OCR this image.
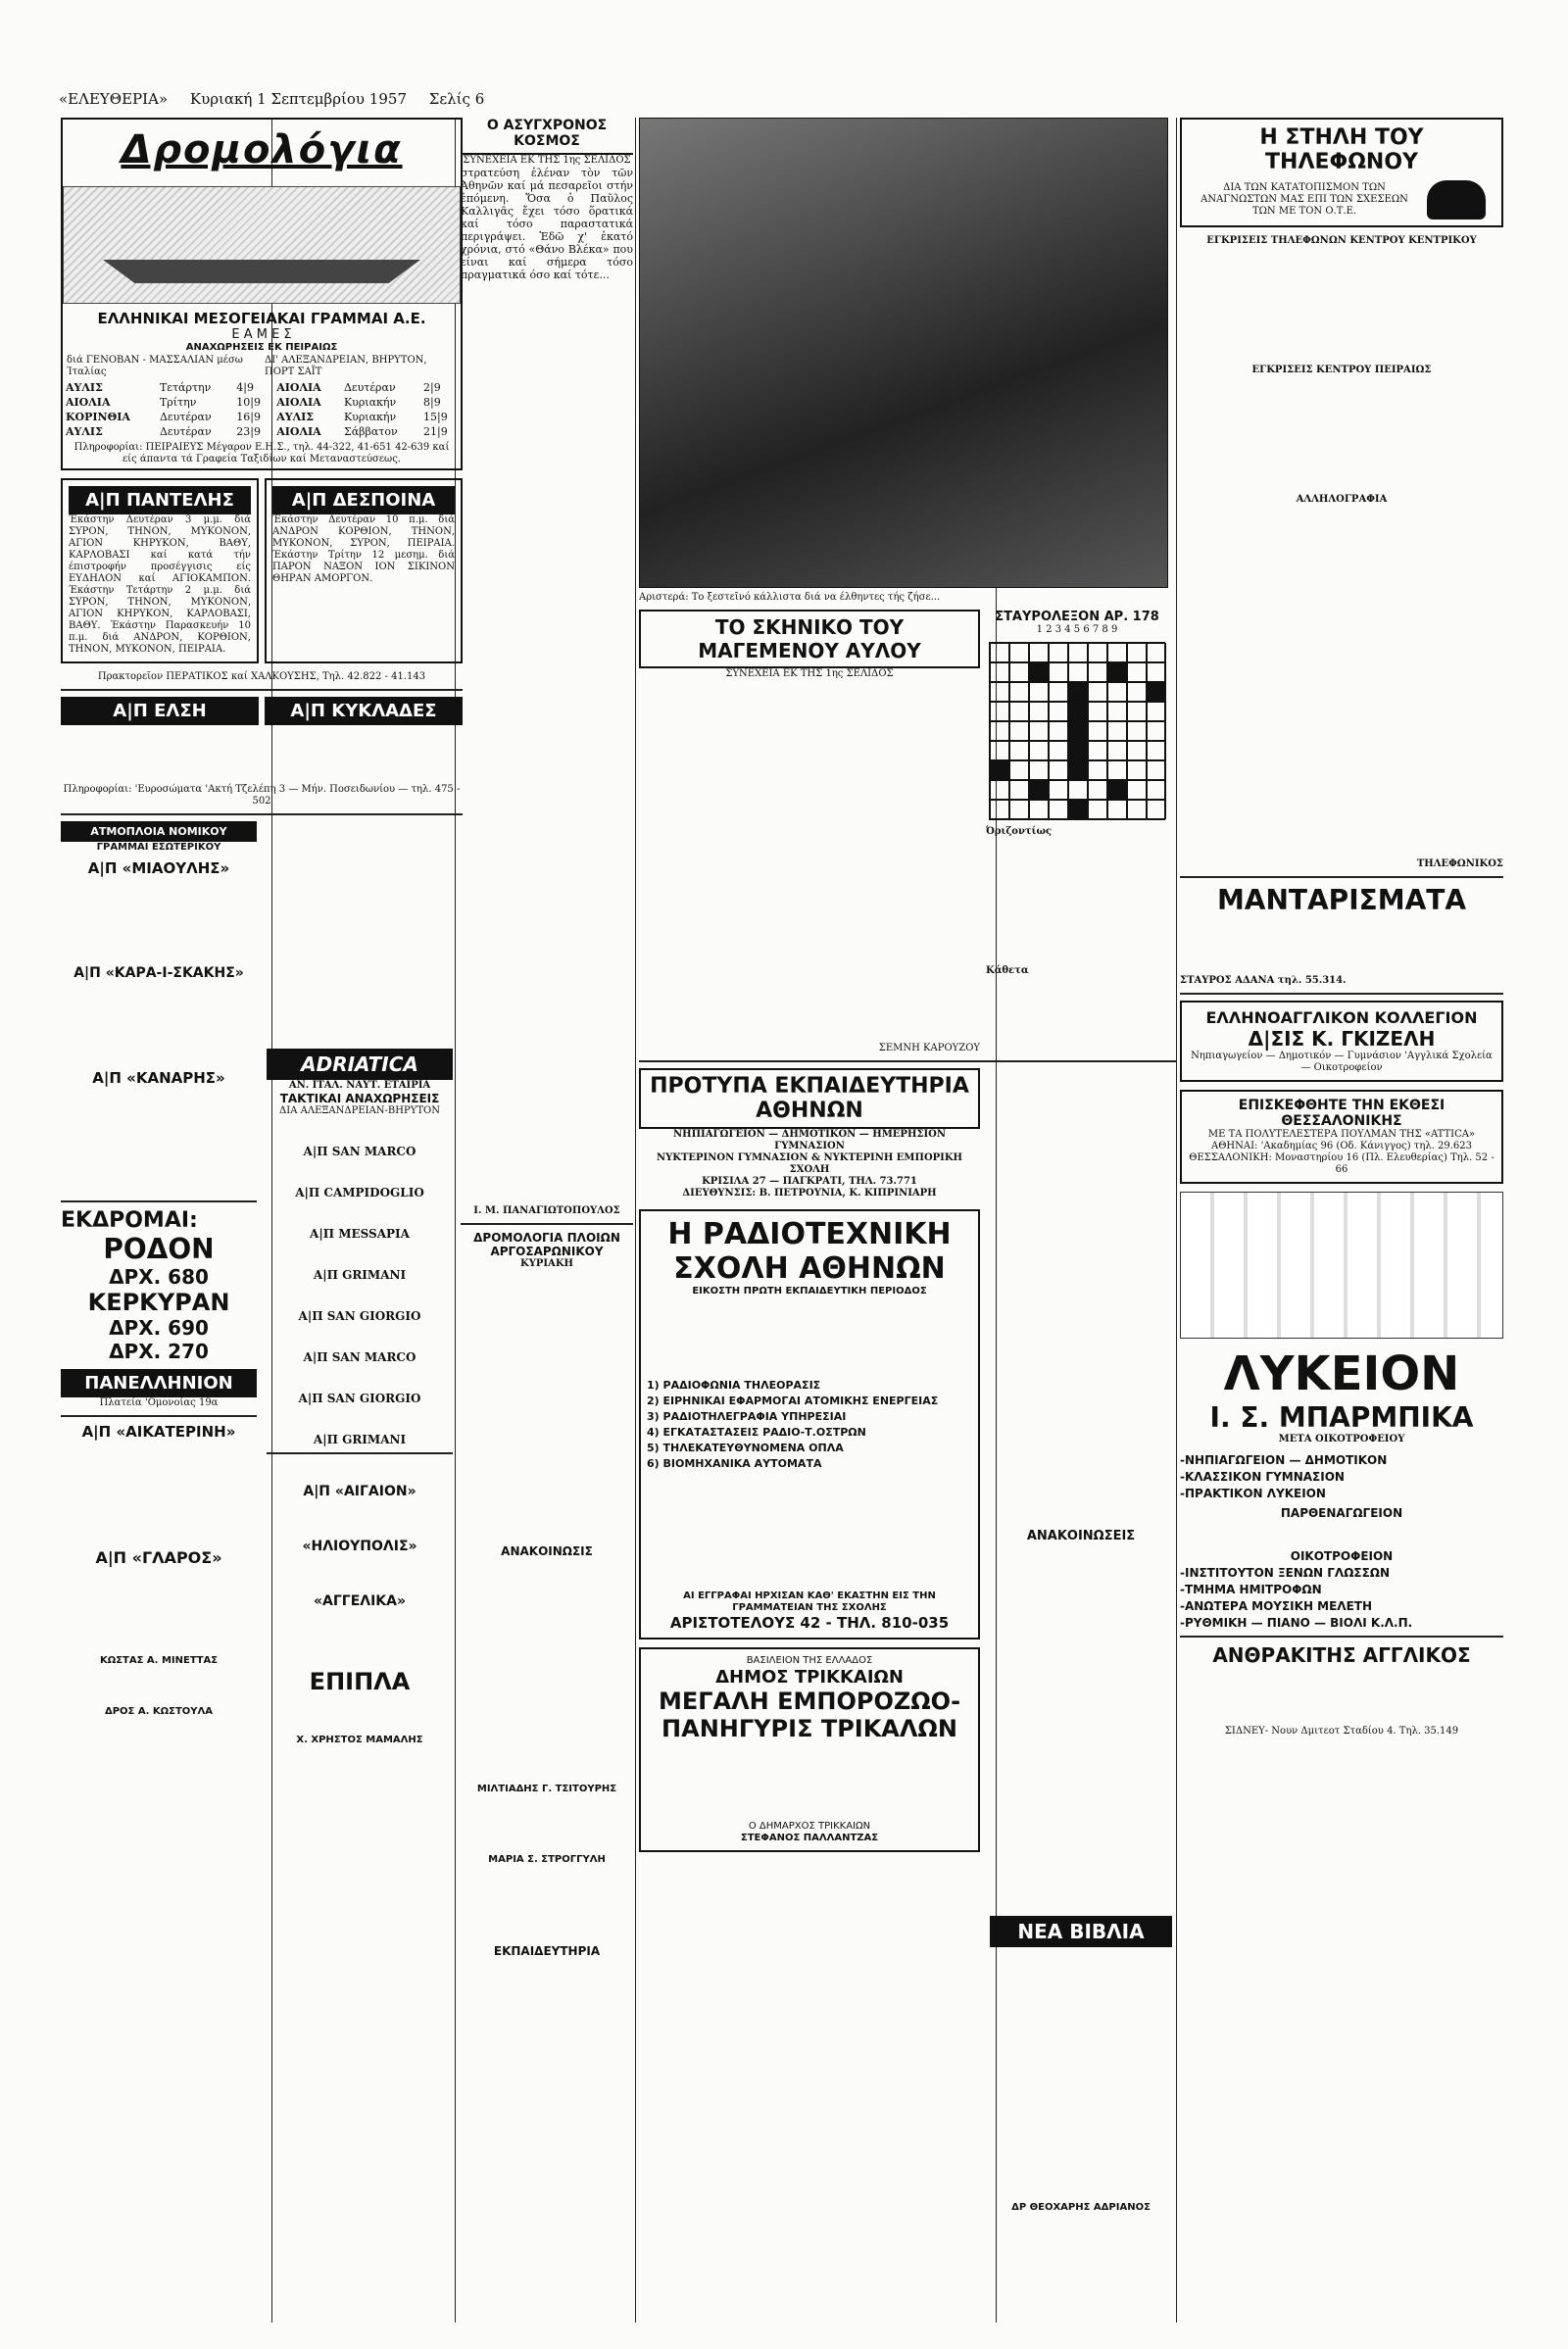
«ΕΛΕΥΘΕΡΙΑ» Κυριακή 1 Σεπτεμβρίου 1957 Σελίς 6
Δρομολόγια
ΕΛΛΗΝΙΚΑΙ ΜΕΣΟΓΕΙΑΚΑΙ ΓΡΑΜΜΑΙ Α.Ε.
Ε Α Μ Ε Σ
ΑΝΑΧΩΡΗΣΕΙΣ ΕΚ ΠΕΙΡΑΙΩΣ
διά ΓΕΝΟΒΑΝ - ΜΑΣΣΑΛΙΑΝ μέσω Ίταλίας
ΔΙ' ΑΛΕΞΑΝΔΡΕΙΑΝ, ΒΗΡΥΤΟΝ, ΠΟΡΤ ΣΑΪΤ
ΑΥΛΙΣ	Τετάρτην	4|9	ΑΙΟΛΙΑ	Δευτέραν	2|9
ΑΙΟΛΙΑ	Τρίτην	10|9	ΑΙΟΛΙΑ	Κυριακήν	8|9
ΚΟΡΙΝΘΙΑ	Δευτέραν	16|9	ΑΥΛΙΣ	Κυριακήν	15|9
ΑΥΛΙΣ	Δευτέραν	23|9	ΑΙΟΛΙΑ	Σάββατον	21|9
Πληροφορίαι: ΠΕΙΡΑΙΕΥΣ Μέγαρον Ε.Η.Σ., τηλ. 44-322, 41-651 42-639 καί είς άπαντα τά Γραφεία Ταξιδίων καί Μεταναστεύσεως.
Α|Π ΠΑΝΤΕΛΗΣ
Έκάστην Δευτέραν 3 μ.μ. διά ΣΥΡΟΝ, ΤΗΝΟΝ, ΜΥΚΟΝΟΝ, ΑΓΙΟΝ ΚΗΡΥΚΟΝ, ΒΑΘΥ, ΚΑΡΛΟΒΑΣΙ καί κατά τήν έπιστροφήν προσέγγισις είς ΕΥΔΗΛΟΝ καί ΑΓΙΟΚΑΜΠΟΝ. Έκάστην Τετάρτην 2 μ.μ. διά ΣΥΡΟΝ, ΤΗΝΟΝ, ΜΥΚΟΝΟΝ, ΑΓΙΟΝ ΚΗΡΥΚΟΝ, ΚΑΡΛΟΒΑΣΙ, ΒΑΘΥ. Έκάστην Παρασκευήν 10 π.μ. διά ΑΝΔΡΟΝ, ΚΟΡΘΙΟΝ, ΤΗΝΟΝ, ΜΥΚΟΝΟΝ, ΠΕΙΡΑΙΑ.
Α|Π ΔΕΣΠΟΙΝΑ
Έκάστην Δευτέραν 10 π.μ. διά ΑΝΔΡΟΝ ΚΟΡΘΙΟΝ, ΤΗΝΟΝ, ΜΥΚΟΝΟΝ, ΣΥΡΟΝ, ΠΕΙΡΑΙΑ. Έκάστην Τρίτην 12 μεσημ. διά ΠΑΡΟΝ ΝΑΞΟΝ ΙΟΝ ΣΙΚΙΝΟΝ ΘΗΡΑΝ ΑΜΟΡΓΟΝ.
Πρακτορεῖον ΠΕΡΑΤΙΚΟΣ καί ΧΑΛΚΟΥΣΗΣ, Τηλ. 42.822 - 41.143
Α|Π ΕΛΣΗ	Α|Π ΚΥΚΛΑΔΕΣ
Πληροφορίαι: 'Ευροσώματα 'Ακτή Τζελέπη 3 — Μήν. Ποσειδωνίου — τηλ. 475 - 502
ΑΤΜΟΠΛΟΙΑ ΝΟΜΙΚΟΥ
ΓΡΑΜΜΑΙ ΕΣΩΤΕΡΙΚΟΥ
Α|Π «ΜΙΑΟΥΛΗΣ»
Α|Π «ΚΑΡΑ-Ι-ΣΚΑΚΗΣ»
Α|Π «ΚΑΝΑΡΗΣ»
ΕΚΔΡΟΜΑΙ:
ΡΟΔΟΝ
ΔΡΧ. 680
ΚΕΡΚΥΡΑΝ
ΔΡΧ. 690
ΔΡΧ. 270
ΠΑΝΕΛΛΗΝΙΟΝ
Πλατεία 'Ομονοίας 19α
Α|Π «ΑΙΚΑΤΕΡΙΝΗ»
Α|Π «ΓΛΑΡΟΣ»
ΚΩΣΤΑΣ Α. ΜΙΝΕΤΤΑΣ
ΔΡΟΣ Α. ΚΩΣΤΟΥΛΑ
ADRIATICA
ΑΝ. ΙΤΑΛ. ΝΑΥΤ. ΕΤΑΙΡΙΑ
ΤΑΚΤΙΚΑΙ ΑΝΑΧΩΡΗΣΕΙΣ
ΔΙΑ ΑΛΕΞΑΝΔΡΕΙΑΝ-ΒΗΡΥΤΟΝ
Α|Π SAN MARCO
Α|Π CAMPIDOGLIO
Α|Π MESSAPIA
Α|Π GRIMANI
Α|Π SAN GIORGIO
Α|Π SAN MARCO
Α|Π SAN GIORGIO
Α|Π GRIMANI
Α|Π «ΑΙΓΑΙΟΝ»
«ΗΛΙΟΥΠΟΛΙΣ»
«ΑΓΓΕΛΙΚΑ»
ΕΠΙΠΛΑ
Χ. ΧΡΗΣΤΟΣ ΜΑΜΑΛΗΣ
Ο ΑΣΥΓΧΡΟΝΟΣ ΚΟΣΜΟΣ
ΣΥΝΕΧΕΙΑ ΕΚ ΤΗΣ 1ης ΣΕΛΙΔΟΣ
στρατεύση ἐλέναν τὸν τῶν Ἀθηνῶν καί μά πεσαρεῖοι στήν ἐπόμενη. Ὅσα ὁ Παῦλος Καλλιγᾶς ἔχει τόσο ὅρατικά καί τόσο παραστατικά περιγράψει. Ἐδῶ χ' ἑκατό χρόνια, στό «Θάνο Βλέκα» που είναι καί σήμερα τόσο πραγματικά όσο καί τότε...
Ι. Μ. ΠΑΝΑΓΙΩΤΟΠΟΥΛΟΣ
ΔΡΟΜΟΛΟΓΙΑ ΠΛΟΙΩΝ ΑΡΓΟΣΑΡΩΝΙΚΟΥ
ΚΥΡΙΑΚΗ
ΑΝΑΚΟΙΝΩΣΙΣ
ΜΙΛΤΙΑΔΗΣ Γ. ΤΣΙΤΟΥΡΗΣ
ΜΑΡΙΑ Σ. ΣΤΡΟΓΓΥΛΗ
ΕΚΠΑΙΔΕΥΤΗΡΙΑ
Αριστερά: Το ξεστεῖνό κάλλιστα διά να έλθηντες τής ζήσε...
ΤΟ ΣΚΗΝΙΚΟ ΤΟΥ ΜΑΓΕΜΕΝΟΥ ΑΥΛΟΥ
ΣΥΝΕΧΕΙΑ ΕΚ ΤΗΣ 1ης ΣΕΛΙΔΟΣ
ΣΕΜΝΗ ΚΑΡΟΥΖΟΥ
ΣΤΑΥΡΟΛΕΞΟΝ ΑΡ. 178
1 2 3 4 5 6 7 8 9
Όριζοντίως
Κάθετα
ΠΡΟΤΥΠΑ ΕΚΠΑΙΔΕΥΤΗΡΙΑ ΑΘΗΝΩΝ
ΝΗΠΙΑΓΩΓΕΙΟΝ — ΔΗΜΟΤΙΚΟΝ — ΗΜΕΡΗΣΙΟΝ ΓΥΜΝΑΣΙΟΝ
ΝΥΚΤΕΡΙΝΟΝ ΓΥΜΝΑΣΙΟΝ & ΝΥΚΤΕΡΙΝΗ ΕΜΠΟΡΙΚΗ ΣΧΟΛΗ
ΚΡΙΣΙΛΑ 27 — ΠΑΓΚΡΑΤΙ, ΤΗΛ. 73.771
ΔΙΕΥΘΥΝΣΙΣ: Β. ΠΕΤΡΟΥΝΙΑ, Κ. ΚΙΠΡΙΝΙΑΡΗ
Η ΡΑΔΙΟΤΕΧΝΙΚΗ
ΣΧΟΛΗ ΑΘΗΝΩΝ
ΕΙΚΟΣΤΗ ΠΡΩΤΗ ΕΚΠΑΙΔΕΥΤΙΚΗ ΠΕΡΙΟΔΟΣ
1) ΡΑΔΙΟΦΩΝΙΑ ΤΗΛΕΟΡΑΣΙΣ
2) ΕΙΡΗΝΙΚΑΙ ΕΦΑΡΜΟΓΑΙ ΑΤΟΜΙΚΗΣ ΕΝΕΡΓΕΙΑΣ
3) ΡΑΔΙΟΤΗΛΕΓΡΑΦΙΑ ΥΠΗΡΕΣΙΑΙ
4) ΕΓΚΑΤΑΣΤΑΣΕΙΣ ΡΑΔΙΟ-Τ.ΟΣΤΡΩΝ
5) ΤΗΛΕΚΑΤΕΥΘΥΝΟΜΕΝΑ ΟΠΛΑ
6) ΒΙΟΜΗΧΑΝΙΚΑ ΑΥΤΟΜΑΤΑ
ΑΙ ΕΓΓΡΑΦΑΙ ΗΡΧΙΣΑΝ ΚΑΘ' ΕΚΑΣΤΗΝ ΕΙΣ ΤΗΝ ΓΡΑΜΜΑΤΕΙΑΝ ΤΗΣ ΣΧΟΛΗΣ
ΑΡΙΣΤΟΤΕΛΟΥΣ 42 - ΤΗΛ. 810-035
ΒΑΣΙΛΕΙΟΝ ΤΗΣ ΕΛΛΑΔΟΣ
ΔΗΜΟΣ ΤΡΙΚΚΑΙΩΝ
ΜΕΓΑΛΗ ΕΜΠΟΡΟΖΩΟ-
ΠΑΝΗΓΥΡΙΣ ΤΡΙΚΑΛΩΝ
Ο ΔΗΜΑΡΧΟΣ ΤΡΙΚΚΑΙΩΝ
ΣΤΕΦΑΝΟΣ ΠΑΛΛΑΝΤΖΑΣ
ΑΝΑΚΟΙΝΩΣΕΙΣ
ΝΕΑ ΒΙΒΛΙΑ
ΔΡ ΘΕΟΧΑΡΗΣ ΑΔΡΙΑΝΟΣ
Η ΣΤΗΛΗ ΤΟΥ ΤΗΛΕΦΩΝΟΥ
ΔΙΑ ΤΩΝ ΚΑΤΑΤΟΠΙΣΜΟΝ ΤΩΝ ΑΝΑΓΝΩΣΤΩΝ ΜΑΣ ΕΠΙ ΤΩΝ ΣΧΕΣΕΩΝ ΤΩΝ ΜΕ ΤΟΝ Ο.Τ.Ε.
ΕΓΚΡΙΣΕΙΣ ΤΗΛΕΦΩΝΩΝ ΚΕΝΤΡΟΥ ΚΕΝΤΡΙΚΟΥ
ΕΓΚΡΙΣΕΙΣ ΚΕΝΤΡΟΥ ΠΕΙΡΑΙΩΣ
ΑΛΛΗΛΟΓΡΑΦΙΑ
ΤΗΛΕΦΩΝΙΚΟΣ
ΜΑΝΤΑΡΙΣΜΑΤΑ
ΣΤΑΥΡΟΣ ΑΔΑΝΑ τηλ. 55.314.
ΕΛΛΗΝΟΑΓΓΛΙΚΟΝ ΚΟΛΛΕΓΙΟΝ
Δ|ΣΙΣ Κ. ΓΚΙΖΕΛΗ
Νηπιαγωγείον — Δημοτικόν — Γυμνάσιον 'Αγγλικά Σχολεία — Οικοτροφείον
ΕΠΙΣΚΕΦΘΗΤΕ ΤΗΝ ΕΚΘΕΣΙ ΘΕΣΣΑΛΟΝΙΚΗΣ
ΜΕ ΤΑ ΠΟΛΥΤΕΛΕΣΤΕΡΑ ΠΟΥΛΜΑΝ ΤΗΣ «ATTICA»
ΑΘΗΝΑΙ: 'Ακαδημίας 96 (Οδ. Κάνιγγος) τηλ. 29.623
ΘΕΣΣΑΛΟΝΙΚΗ: Μοναστηρίου 16 (Πλ. Ελευθερίας) Τηλ. 52 - 66
ΛΥΚΕΙΟΝ
Ι. Σ. ΜΠΑΡΜΠΙΚΑ
ΜΕΤΑ ΟΙΚΟΤΡΟΦΕΙΟΥ
-ΝΗΠΙΑΓΩΓΕΙΟΝ — ΔΗΜΟΤΙΚΟΝ
-ΚΛΑΣΣΙΚΟΝ ΓΥΜΝΑΣΙΟΝ
-ΠΡΑΚΤΙΚΟΝ ΛΥΚΕΙΟΝ
ΠΑΡΘΕΝΑΓΩΓΕΙΟΝ
ΟΙΚΟΤΡΟΦΕΙΟΝ
-ΙΝΣΤΙΤΟΥΤΟΝ ΞΕΝΩΝ ΓΛΩΣΣΩΝ
-ΤΜΗΜΑ ΗΜΙΤΡΟΦΩΝ
-ΑΝΩΤΕΡΑ ΜΟΥΣΙΚΗ ΜΕΛΕΤΗ
-ΡΥΘΜΙΚΗ — ΠΙΑΝΟ — ΒΙΟΛΙ Κ.Λ.Π.
ΑΝΘΡΑΚΙΤΗΣ ΑΓΓΛΙΚΟΣ
ΣΙΔΝΕΥ- Νουν Δμιτεοτ Σταδίου 4. Τηλ. 35.149
